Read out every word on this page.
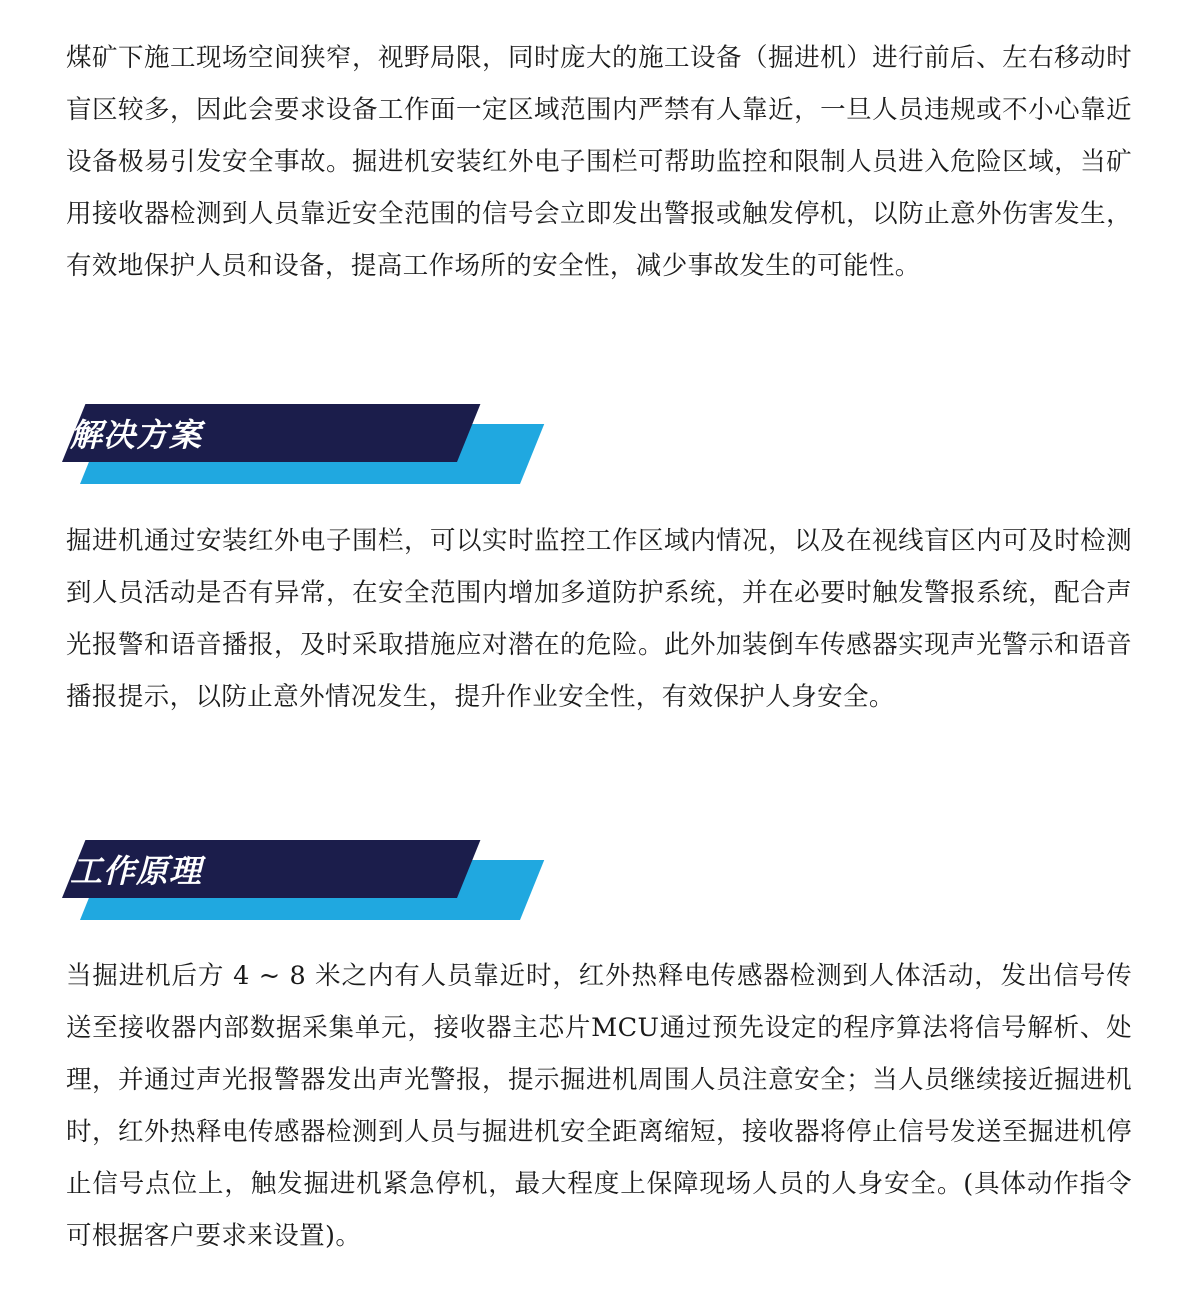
煤矿下施工现场空间狭窄，视野局限，同时庞大的施工设备（掘进机）进行前后、左右移动时盲区较多，因此会要求设备工作面一定区域范围内严禁有人靠近，一旦人员违规或不小心靠近设备极易引发安全事故。掘进机安装红外电子围栏可帮助监控和限制人员进入危险区域，当矿用接收器检测到人员靠近安全范围的信号会立即发出警报或触发停机，以防止意外伤害发生，有效地保护人员和设备，提高工作场所的安全性，减少事故发生的可能性。

解决方案

掘进机通过安装红外电子围栏，可以实时监控工作区域内情况，以及在视线盲区内可及时检测到人员活动是否有异常，在安全范围内增加多道防护系统，并在必要时触发警报系统，配合声光报警和语音播报，及时采取措施应对潜在的危险。此外加装倒车传感器实现声光警示和语音播报提示，以防止意外情况发生，提升作业安全性，有效保护人身安全。

工作原理

当掘进机后方 4 ~ 8 米之内有人员靠近时，红外热释电传感器检测到人体活动，发出信号传送至接收器内部数据采集单元，接收器主芯片MCU通过预先设定的程序算法将信号解析、处理，并通过声光报警器发出声光警报，提示掘进机周围人员注意安全；当人员继续接近掘进机时，红外热释电传感器检测到人员与掘进机安全距离缩短，接收器将停止信号发送至掘进机停止信号点位上，触发掘进机紧急停机，最大程度上保障现场人员的人身安全。(具体动作指令可根据客户要求来设置)。
